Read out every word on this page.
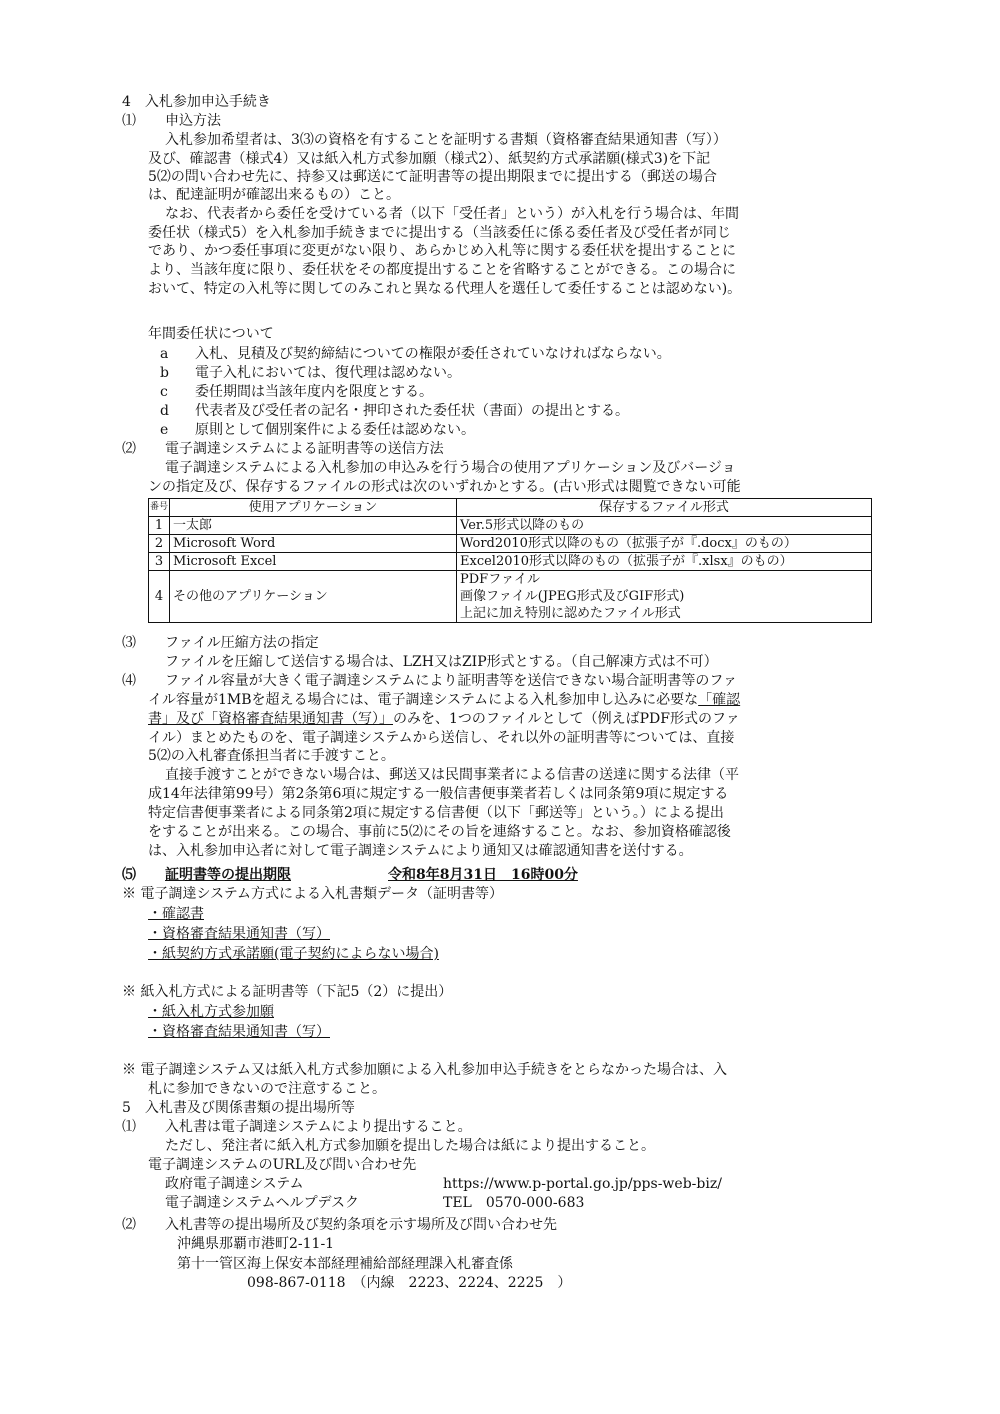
4　入札参加申込手続き
⑴ 申込方法
入札参加希望者は、3⑶の資格を有することを証明する書類（資格審査結果通知書（写））
及び、確認書（様式4）又は紙入札方式参加願（様式2）、紙契約方式承諾願(様式3)を下記
5⑵の問い合わせ先に、持参又は郵送にて証明書等の提出期限までに提出する（郵送の場合
は、配達証明が確認出来るもの）こと。
なお、代表者から委任を受けている者（以下「受任者」という）が入札を行う場合は、年間
委任状（様式5）を入札参加手続きまでに提出する（当該委任に係る委任者及び受任者が同じ
であり、かつ委任事項に変更がない限り、あらかじめ入札等に関する委任状を提出することに
より、当該年度に限り、委任状をその都度提出することを省略することができる。この場合に
おいて、特定の入札等に関してのみこれと異なる代理人を選任して委任することは認めない)。
年間委任状について
a 入札、見積及び契約締結についての権限が委任されていなければならない。
b 電子入札においては、復代理は認めない。
c 委任期間は当該年度内を限度とする。
d 代表者及び受任者の記名・押印された委任状（書面）の提出とする。
e 原則として個別案件による委任は認めない。
⑵ 電子調達システムによる証明書等の送信方法
電子調達システムによる入札参加の申込みを行う場合の使用アプリケーション及びバージョ
ンの指定及び、保存するファイルの形式は次のいずれかとする。(古い形式は閲覧できない可能
番号	使用アプリケーション	保存するファイル形式
1	一太郎	Ver.5形式以降のもの
2	Microsoft Word	Word2010形式以降のもの（拡張子が『.docx』のもの）
3	Microsoft Excel	Excel2010形式以降のもの（拡張子が『.xlsx』のもの）
4	その他のアプリケーション	PDFファイル
画像ファイル(JPEG形式及びGIF形式)
上記に加え特別に認めたファイル形式
⑶ ファイル圧縮方法の指定
ファイルを圧縮して送信する場合は、LZH又はZIP形式とする。（自己解凍方式は不可）
⑷ ファイル容量が大きく電子調達システムにより証明書等を送信できない場合証明書等のファ
イル容量が1MBを超える場合には、電子調達システムによる入札参加申し込みに必要な「確認
書」及び「資格審査結果通知書（写）」のみを、1つのファイルとして（例えばPDF形式のファ
イル）まとめたものを、電子調達システムから送信し、それ以外の証明書等については、直接
5⑵の入札審査係担当者に手渡すこと。
直接手渡すことができない場合は、郵送又は民間事業者による信書の送達に関する法律（平
成14年法律第99号）第2条第6項に規定する一般信書便事業者若しくは同条第9項に規定する
特定信書便事業者による同条第2項に規定する信書便（以下「郵送等」という。）による提出
をすることが出来る。この場合、事前に5⑵にその旨を連絡すること。なお、参加資格確認後
は、入札参加申込者に対して電子調達システムにより通知又は確認通知書を送付する。
⑸ 証明書等の提出期限	令和8年8月31日　16時00分
※ 電子調達システム方式による入札書類データ（証明書等）
・確認書
・資格審査結果通知書（写）
・紙契約方式承諾願(電子契約によらない場合)
※ 紙入札方式による証明書等（下記5（2）に提出）
・紙入札方式参加願
・資格審査結果通知書（写）
※ 電子調達システム又は紙入札方式参加願による入札参加申込手続きをとらなかった場合は、入
札に参加できないので注意すること。
5　入札書及び関係書類の提出場所等
⑴ 入札書は電子調達システムにより提出すること。
ただし、発注者に紙入札方式参加願を提出した場合は紙により提出すること。
電子調達システムのURL及び問い合わせ先
政府電子調達システム	https://www.p-portal.go.jp/pps-web-biz/
電子調達システムヘルプデスク	TEL　0570-000-683
⑵ 入札書等の提出場所及び契約条項を示す場所及び問い合わせ先
沖縄県那覇市港町2-11-1
第十一管区海上保安本部経理補給部経理課入札審査係
098-867-0118　（内線　2223、2224、2225　）
